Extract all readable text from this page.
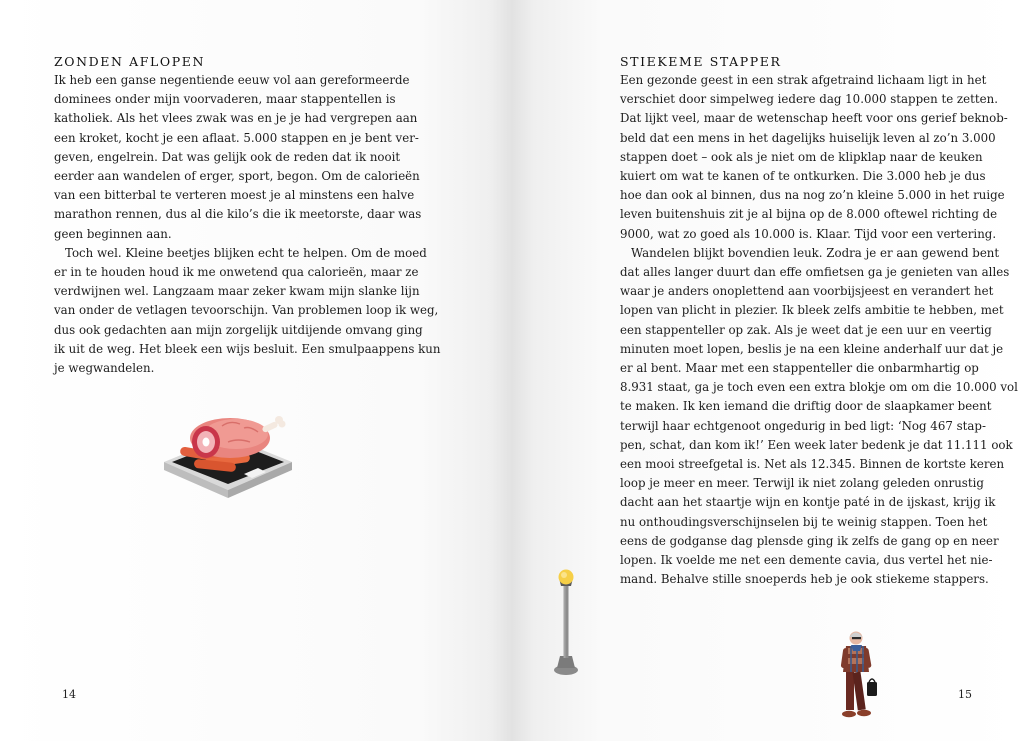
ZONDEN AFLOPEN
Ik heb een ganse negentiende eeuw vol aan gereformeerde
dominees onder mijn voorvaderen, maar stappentellen is
katholiek. Als het vlees zwak was en je je had vergrepen aan
een kroket, kocht je een aflaat. 5.000 stappen en je bent ver-
geven, engelrein. Dat was gelijk ook de reden dat ik nooit
eerder aan wandelen of erger, sport, begon. Om de calorieën
van een bitterbal te verteren moest je al minstens een halve
marathon rennen, dus al die kilo’s die ik meetorste, daar was
geen beginnen aan.
Toch wel. Kleine beetjes blijken echt te helpen. Om de moed
er in te houden houd ik me onwetend qua calorieën, maar ze
verdwijnen wel. Langzaam maar zeker kwam mijn slanke lijn
van onder de vetlagen tevoorschijn. Van problemen loop ik weg,
dus ook gedachten aan mijn zorgelijk uitdijende omvang ging
ik uit de weg. Het bleek een wijs besluit. Een smulpaappens kun
je wegwandelen.
14
STIEKEME STAPPER
Een gezonde geest in een strak afgetraind lichaam ligt in het
verschiet door simpelweg iedere dag 10.000 stappen te zetten.
Dat lijkt veel, maar de wetenschap heeft voor ons gerief beknob-
beld dat een mens in het dagelijks huiselijk leven al zo’n 3.000
stappen doet – ook als je niet om de klipklap naar de keuken
kuiert om wat te kanen of te ontkurken. Die 3.000 heb je dus
hoe dan ook al binnen, dus na nog zo’n kleine 5.000 in het ruige
leven buitenshuis zit je al bijna op de 8.000 oftewel richting de
9000, wat zo goed als 10.000 is. Klaar. Tijd voor een vertering.
Wandelen blijkt bovendien leuk. Zodra je er aan gewend bent
dat alles langer duurt dan effe omfietsen ga je genieten van alles
waar je anders onoplettend aan voorbijsjeest en verandert het
lopen van plicht in plezier. Ik bleek zelfs ambitie te hebben, met
een stappenteller op zak. Als je weet dat je een uur en veertig
minuten moet lopen, beslis je na een kleine anderhalf uur dat je
er al bent. Maar met een stappenteller die onbarmhartig op
8.931 staat, ga je toch even een extra blokje om om die 10.000 vol
te maken. Ik ken iemand die driftig door de slaapkamer beent
terwijl haar echtgenoot ongedurig in bed ligt: ‘Nog 467 stap-
pen, schat, dan kom ik!’ Een week later bedenk je dat 11.111 ook
een mooi streefgetal is. Net als 12.345. Binnen de kortste keren
loop je meer en meer. Terwijl ik niet zolang geleden onrustig
dacht aan het staartje wijn en kontje paté in de ijskast, krijg ik
nu onthoudingsverschijnselen bij te weinig stappen. Toen het
eens de godganse dag plensde ging ik zelfs de gang op en neer
lopen. Ik voelde me net een demente cavia, dus vertel het nie-
mand. Behalve stille snoeperds heb je ook stiekeme stappers.
15
